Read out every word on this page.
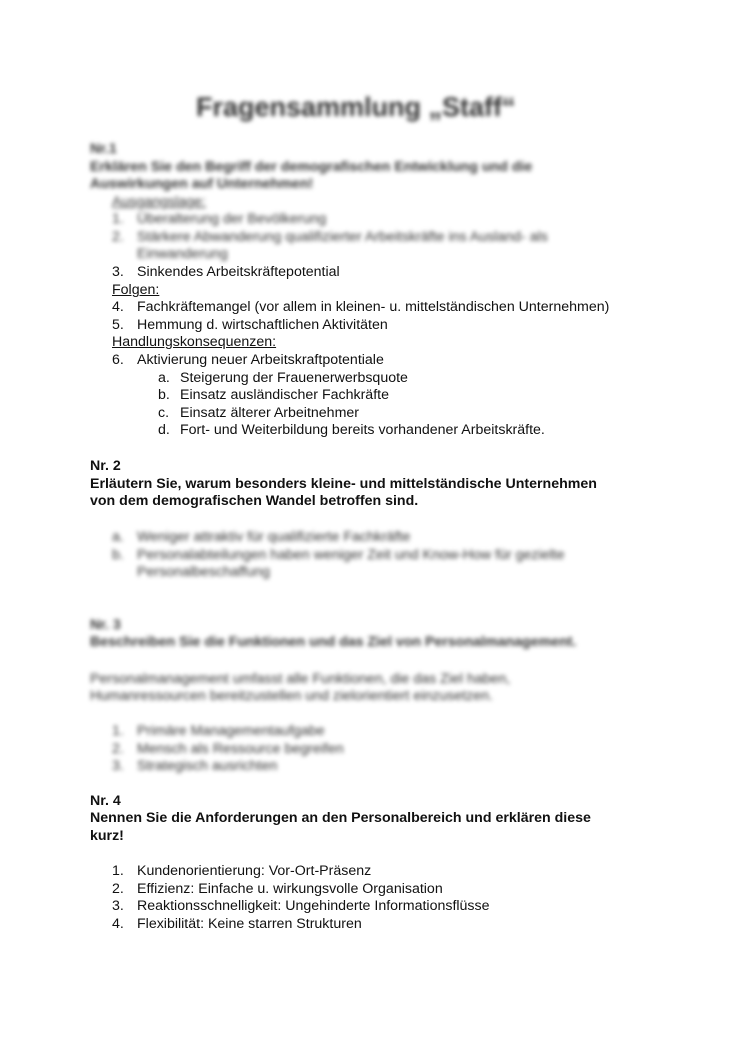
Fragensammlung „Staff“
Nr.1
Erklären Sie den Begriff der demografischen Entwicklung und die
Auswirkungen auf Unternehmen!
Ausgangslage:
1. Überalterung der Bevölkerung
2. Stärkere Abwanderung qualifizierter Arbeitskräfte ins Ausland- als
Einwanderung
3. Sinkendes Arbeitskräftepotential
Folgen:
4. Fachkräftemangel (vor allem in kleinen- u. mittelständischen Unternehmen)
5. Hemmung d. wirtschaftlichen Aktivitäten
Handlungskonsequenzen:
6. Aktivierung neuer Arbeitskraftpotentiale
a. Steigerung der Frauenerwerbsquote
b. Einsatz ausländischer Fachkräfte
c. Einsatz älterer Arbeitnehmer
d. Fort- und Weiterbildung bereits vorhandener Arbeitskräfte.
Nr. 2
Erläutern Sie, warum besonders kleine- und mittelständische Unternehmen
von dem demografischen Wandel betroffen sind.
a. Weniger attraktiv für qualifizierte Fachkräfte
b. Personalabteilungen haben weniger Zeit und Know-How für gezielte
Personalbeschaffung
Nr. 3
Beschreiben Sie die Funktionen und das Ziel von Personalmanagement.
Personalmanagement umfasst alle Funktionen, die das Ziel haben,
Humanressourcen bereitzustellen und zielorientiert einzusetzen.
1. Primäre Managementaufgabe
2. Mensch als Ressource begreifen
3. Strategisch ausrichten
Nr. 4
Nennen Sie die Anforderungen an den Personalbereich und erklären diese
kurz!
1. Kundenorientierung: Vor-Ort-Präsenz
2. Effizienz: Einfache u. wirkungsvolle Organisation
3. Reaktionsschnelligkeit: Ungehinderte Informationsflüsse
4. Flexibilität: Keine starren Strukturen
